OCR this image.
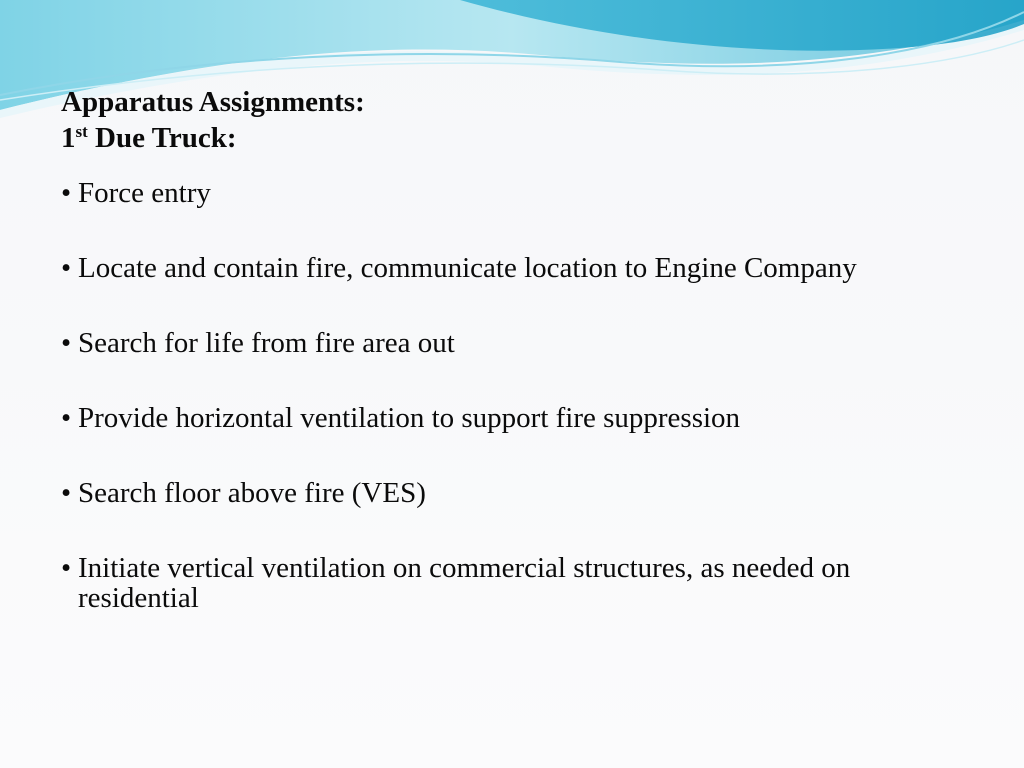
Apparatus Assignments:

1st Due Truck:

• Force entry
• Locate and contain fire, communicate location to Engine Company
• Search for life from fire area out
• Provide horizontal ventilation to support fire suppression
• Search floor above fire (VES)
• Initiate vertical ventilation on commercial structures, as needed on residential
